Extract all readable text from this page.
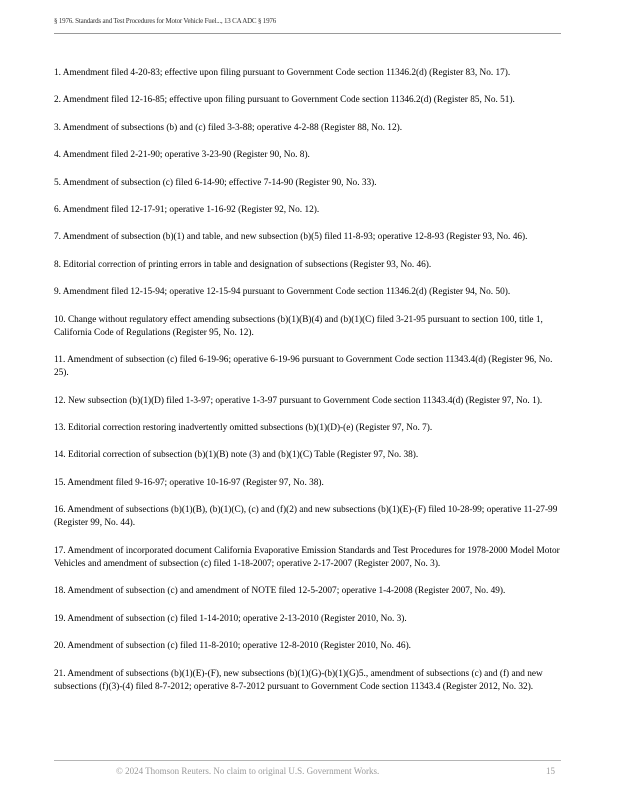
§ 1976. Standards and Test Procedures for Motor Vehicle Fuel..., 13 CA ADC § 1976

1. Amendment filed 4-20-83; effective upon filing pursuant to Government Code section 11346.2(d) (Register 83, No. 17).

2. Amendment filed 12-16-85; effective upon filing pursuant to Government Code section 11346.2(d) (Register 85, No. 51).

3. Amendment of subsections (b) and (c) filed 3-3-88; operative 4-2-88 (Register 88, No. 12).

4. Amendment filed 2-21-90; operative 3-23-90 (Register 90, No. 8).

5. Amendment of subsection (c) filed 6-14-90; effective 7-14-90 (Register 90, No. 33).

6. Amendment filed 12-17-91; operative 1-16-92 (Register 92, No. 12).

7. Amendment of subsection (b)(1) and table, and new subsection (b)(5) filed 11-8-93; operative 12-8-93 (Register 93, No. 46).

8. Editorial correction of printing errors in table and designation of subsections (Register 93, No. 46).

9. Amendment filed 12-15-94; operative 12-15-94 pursuant to Government Code section 11346.2(d) (Register 94, No. 50).

10. Change without regulatory effect amending subsections (b)(1)(B)(4) and (b)(1)(C) filed 3-21-95 pursuant to section 100, title 1, California Code of Regulations (Register 95, No. 12).

11. Amendment of subsection (c) filed 6-19-96; operative 6-19-96 pursuant to Government Code section 11343.4(d) (Register 96, No. 25).

12. New subsection (b)(1)(D) filed 1-3-97; operative 1-3-97 pursuant to Government Code section 11343.4(d) (Register 97, No. 1).

13. Editorial correction restoring inadvertently omitted subsections (b)(1)(D)-(e) (Register 97, No. 7).

14. Editorial correction of subsection (b)(1)(B) note (3) and (b)(1)(C) Table (Register 97, No. 38).

15. Amendment filed 9-16-97; operative 10-16-97 (Register 97, No. 38).

16. Amendment of subsections (b)(1)(B), (b)(1)(C), (c) and (f)(2) and new subsections (b)(1)(E)-(F) filed 10-28-99; operative 11-27-99 (Register 99, No. 44).

17. Amendment of incorporated document California Evaporative Emission Standards and Test Procedures for 1978-2000 Model Motor Vehicles and amendment of subsection (c) filed 1-18-2007; operative 2-17-2007 (Register 2007, No. 3).

18. Amendment of subsection (c) and amendment of NOTE filed 12-5-2007; operative 1-4-2008 (Register 2007, No. 49).

19. Amendment of subsection (c) filed 1-14-2010; operative 2-13-2010 (Register 2010, No. 3).

20. Amendment of subsection (c) filed 11-8-2010; operative 12-8-2010 (Register 2010, No. 46).

21. Amendment of subsections (b)(1)(E)-(F), new subsections (b)(1)(G)-(b)(1)(G)5., amendment of subsections (c) and (f) and new subsections (f)(3)-(4) filed 8-7-2012; operative 8-7-2012 pursuant to Government Code section 11343.4 (Register 2012, No. 32).

© 2024 Thomson Reuters. No claim to original U.S. Government Works.	15
